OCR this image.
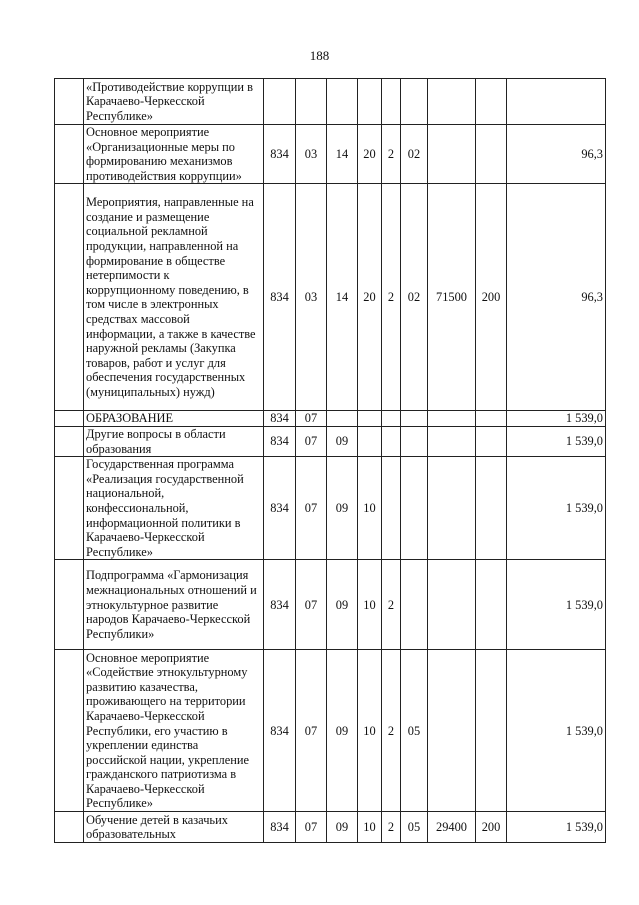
188
	«Противодействие коррупции в Карачаево-Черкесской Республике»									
	Основное мероприятие «Организационные меры по формированию механизмов противодействия коррупции»	834	03	14	20	2	02			96,3
	Мероприятия, направленные на создание и размещение социальной рекламной продукции, направленной на формирование в обществе нетерпимости к коррупционному поведению, в том числе в электронных средствах массовой информации, а также в качестве наружной рекламы (Закупка товаров, работ и услуг для обеспечения государственных (муниципальных) нужд)	834	03	14	20	2	02	71500	200	96,3
	ОБРАЗОВАНИЕ	834	07							1 539,0
	Другие вопросы в области образования	834	07	09						1 539,0
	Государственная программа «Реализация государственной национальной, конфессиональной, информационной политики в Карачаево-Черкесской Республике»	834	07	09	10					1 539,0
	Подпрограмма «Гармонизация межнациональных отношений и этнокультурное развитие народов Карачаево-Черкесской Республики»	834	07	09	10	2				1 539,0
	Основное мероприятие «Содействие этнокультурному развитию казачества, проживающего на территории Карачаево-Черкесской Республики, его участию в укреплении единства российской нации, укрепление гражданского патриотизма в Карачаево-Черкесской Республике»	834	07	09	10	2	05			1 539,0
	Обучение детей в казачьих образовательных	834	07	09	10	2	05	29400	200	1 539,0
